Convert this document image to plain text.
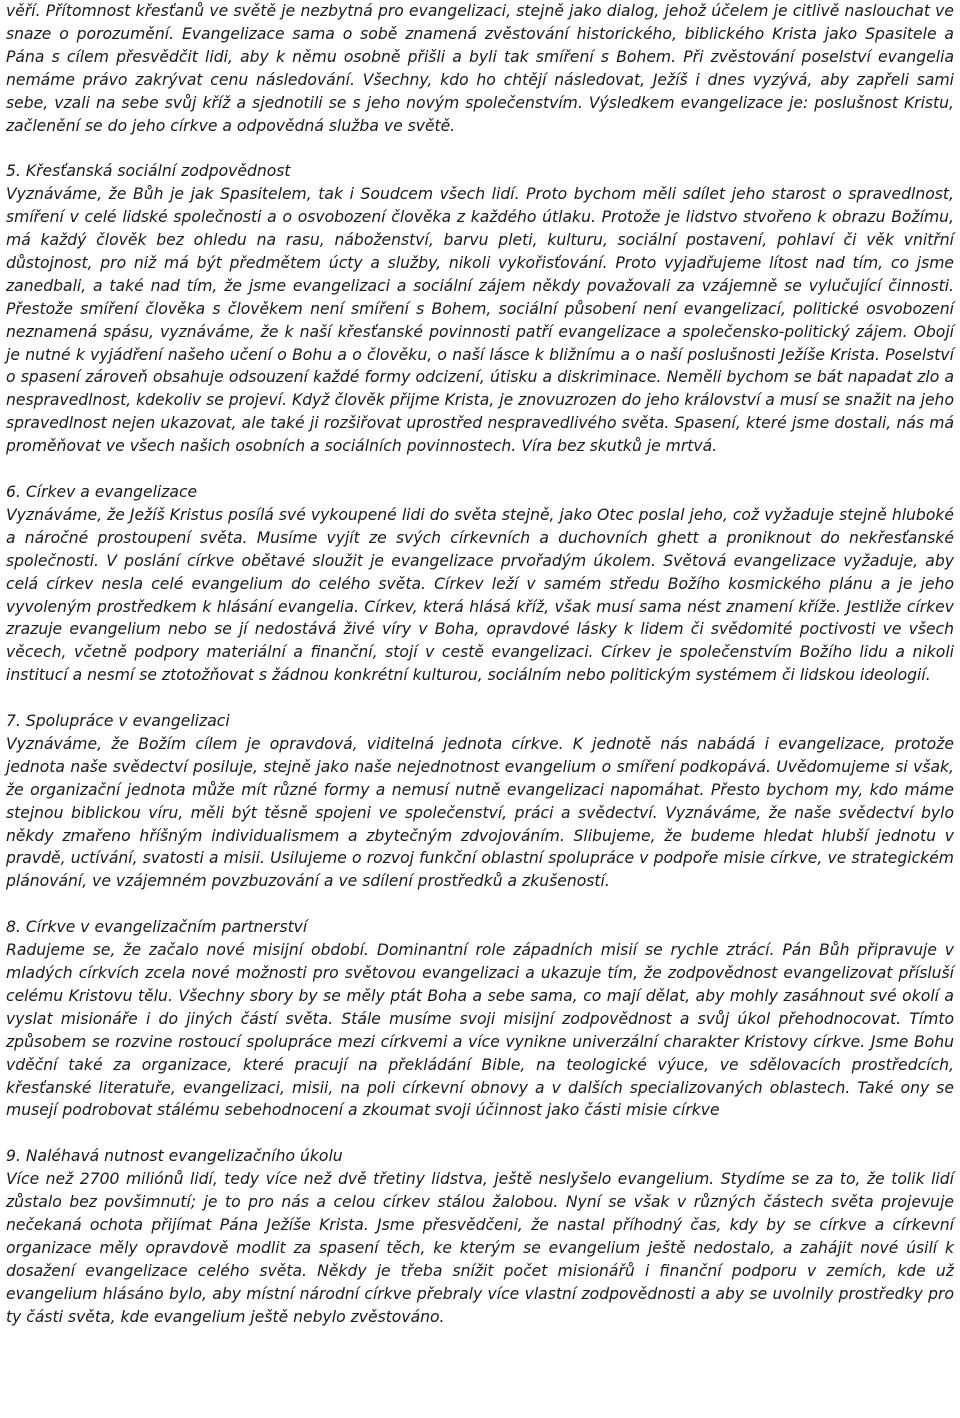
věří. Přítomnost křesťanů ve světě je nezbytná pro evangelizaci, stejně jako dialog, jehož účelem je citlivě naslouchat ve snaze o porozumění. Evangelizace sama o sobě znamená zvěstování historického, biblického Krista jako Spasitele a Pána s cílem přesvědčit lidi, aby k němu osobně přišli a byli tak smíření s Bohem. Při zvěstování poselství evangelia nemáme právo zakrývat cenu následování. Všechny, kdo ho chtějí následovat, Ježíš i dnes vyzývá, aby zapřeli sami sebe, vzali na sebe svůj kříž a sjednotili se s jeho novým společenstvím. Výsledkem evangelizace je: poslušnost Kristu, začlenění se do jeho církve a odpovědná služba ve světě.

5. Křesťanská sociální zodpovědnost

Vyznáváme, že Bůh je jak Spasitelem, tak i Soudcem všech lidí. Proto bychom měli sdílet jeho starost o spravedlnost, smíření v celé lidské společnosti a o osvobození člověka z každého útlaku. Protože je lidstvo stvořeno k obrazu Božímu, má každý člověk bez ohledu na rasu, náboženství, barvu pleti, kulturu, sociální postavení, pohlaví či věk vnitřní důstojnost, pro niž má být předmětem úcty a služby, nikoli vykořisťování. Proto vyjadřujeme lítost nad tím, co jsme zanedbali, a také nad tím, že jsme evangelizaci a sociální zájem někdy považovali za vzájemně se vylučující činnosti. Přestože smíření člověka s člověkem není smíření s Bohem, sociální působení není evangelizací, politické osvobození neznamená spásu, vyznáváme, že k naší křesťanské povinnosti patří evangelizace a společensko-politický zájem. Obojí je nutné k vyjádření našeho učení o Bohu a o člověku, o naší lásce k bližnímu a o naší poslušnosti Ježíše Krista. Poselství o spasení zároveň obsahuje odsouzení každé formy odcizení, útisku a diskriminace. Neměli bychom se bát napadat zlo a nespravedlnost, kdekoliv se projeví. Když člověk přijme Krista, je znovuzrozen do jeho království a musí se snažit na jeho spravedlnost nejen ukazovat, ale také ji rozšiřovat uprostřed nespravedlivého světa. Spasení, které jsme dostali, nás má proměňovat ve všech našich osobních a sociálních povinnostech. Víra bez skutků je mrtvá.

6. Církev a evangelizace

Vyznáváme, že Ježíš Kristus posílá své vykoupené lidi do světa stejně, jako Otec poslal jeho, což vyžaduje stejně hluboké a náročné prostoupení světa. Musíme vyjít ze svých církevních a duchovních ghett a proniknout do nekřesťanské společnosti. V poslání církve obětavé sloužit je evangelizace prvořadým úkolem. Světová evangelizace vyžaduje, aby celá církev nesla celé evangelium do celého světa. Církev leží v samém středu Božího kosmického plánu a je jeho vyvoleným prostředkem k hlásání evangelia. Církev, která hlásá kříž, však musí sama nést znamení kříže. Jestliže církev zrazuje evangelium nebo se jí nedostává živé víry v Boha, opravdové lásky k lidem či svědomité poctivosti ve všech věcech, včetně podpory materiální a finanční, stojí v cestě evangelizaci. Církev je společenstvím Božího lidu a nikoli institucí a nesmí se ztotožňovat s žádnou konkrétní kulturou, sociálním nebo politickým systémem či lidskou ideologií.

7. Spolupráce v evangelizaci

Vyznáváme, že Božím cílem je opravdová, viditelná jednota církve. K jednotě nás nabádá i evangelizace, protože jednota naše svědectví posiluje, stejně jako naše nejednotnost evangelium o smíření podkopává. Uvědomujeme si však, že organizační jednota může mít různé formy a nemusí nutně evangelizaci napomáhat. Přesto bychom my, kdo máme stejnou biblickou víru, měli být těsně spojeni ve společenství, práci a svědectví. Vyznáváme, že naše svědectví bylo někdy zmařeno hříšným individualismem a zbytečným zdvojováním. Slibujeme, že budeme hledat hlubší jednotu v pravdě, uctívání, svatosti a misii. Usilujeme o rozvoj funkční oblastní spolupráce v podpoře misie církve, ve strategickém plánování, ve vzájemném povzbuzování a ve sdílení prostředků a zkušeností.

8. Církve v evangelizačním partnerství

Radujeme se, že začalo nové misijní období. Dominantní role západních misií se rychle ztrácí. Pán Bůh připravuje v mladých církvích zcela nové možnosti pro světovou evangelizaci a ukazuje tím, že zodpovědnost evangelizovat přísluší celému Kristovu tělu. Všechny sbory by se měly ptát Boha a sebe sama, co mají dělat, aby mohly zasáhnout své okolí a vyslat misionáře i do jiných částí světa. Stále musíme svoji misijní zodpovědnost a svůj úkol přehodnocovat. Tímto způsobem se rozvine rostoucí spolupráce mezi církvemi a více vynikne univerzální charakter Kristovy církve. Jsme Bohu vděční také za organizace, které pracují na překládání Bible, na teologické výuce, ve sdělovacích prostředcích, křesťanské literatuře, evangelizaci, misii, na poli církevní obnovy a v dalších specializovaných oblastech. Také ony se musejí podrobovat stálému sebehodnocení a zkoumat svoji účinnost jako části misie církve

9. Naléhavá nutnost evangelizačního úkolu

Více než 2700 miliónů lidí, tedy více než dvě třetiny lidstva, ještě neslyšelo evangelium. Stydíme se za to, že tolik lidí zůstalo bez povšimnutí; je to pro nás a celou církev stálou žalobou. Nyní se však v různých částech světa projevuje nečekaná ochota přijímat Pána Ježíše Krista. Jsme přesvědčeni, že nastal příhodný čas, kdy by se církve a církevní organizace měly opravdově modlit za spasení těch, ke kterým se evangelium ještě nedostalo, a zahájit nové úsilí k dosažení evangelizace celého světa. Někdy je třeba snížit počet misionářů i finanční podporu v zemích, kde už evangelium hlásáno bylo, aby místní národní církve přebraly více vlastní zodpovědnosti a aby se uvolnily prostředky pro ty části světa, kde evangelium ještě nebylo zvěstováno.
